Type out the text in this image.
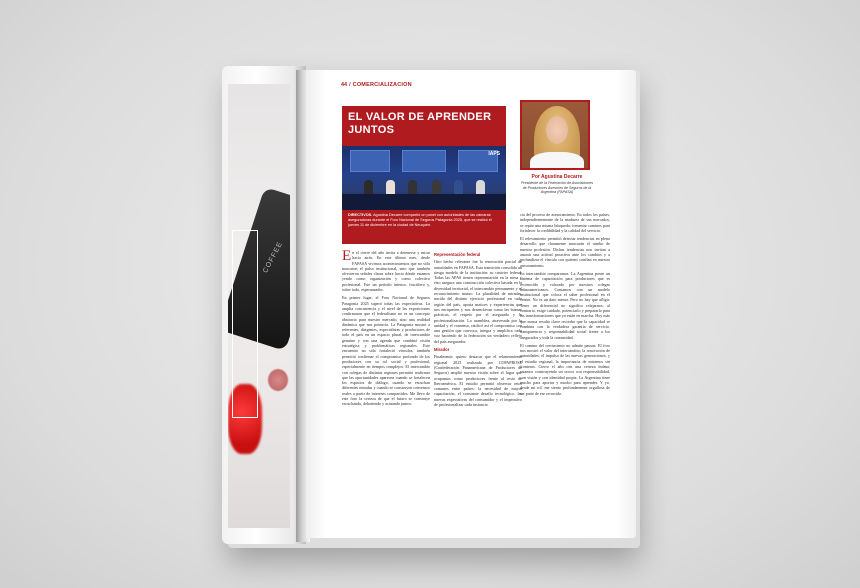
COFFEE
44 / COMERCIALIZACION
EL VALOR DE APRENDER
JUNTOS
IAPS
DIRECTIVOS. Agustina Decarre compartió un panel con autoridades de las cámaras aseguradoras durante el Foro Nacional de Seguros Patagonia 2025, que se realizó el jueves 11 de diciembre en la ciudad de Neuquén.
Por Agustina Decarre
Presidente de la Federación de Asociaciones de Productores Asesores de Seguros de la Argentina (FAPASA)

En el cierre del año invita a detenerse y mirar hacia atrás. En este último mes, desde FAPASA vivimos acontecimientos que no sólo marcaron el pulso institucional, sino que también ofrecieron señales claras sobre hacia dónde estamos yendo como organización y como colectivo profesional. Fue un período intenso, fructífero y, sobre todo, esperanzador.

En primer lugar, el Foro Nacional de Seguros Patagonia 2025 superó todas las expectativas. La amplia concurrencia y el nivel de las exposiciones confirmaron que el federalismo no es un concepto abstracto para nuestro mercado, sino una realidad dinámica que nos potencia. La Patagonia mostró a referentes, dirigentes, especialistas y productores de todo el país en un espacio plural, de intercambio genuino y con una agenda que combinó visión estratégica y problemáticas regionales. Este encuentro no sólo fortaleció vínculos, también permitió confirmar el compromiso profundo de los productores con su rol social y profesional, especialmente en tiempos complejos. El intercambio con colegas de distintas regiones permitió reafirmar que las oportunidades aparecen cuando se fortalecen los espacios de diálogo, cuando se escuchan diferentes miradas y cuando se construyen consensos reales a partir de intereses compartidos. Me llevo de este foro la certeza de que el futuro se construye escuchando, debatiendo y actuando juntos.

Representación federal

Otro hecho relevante fue la renovación parcial de autoridades en FAPASA. Esta transición consolida un riesgo modelo de la institución: su carácter federal. Todas las APAS tienen representación en la mesa y esto asegura una construcción colectiva basada en la diversidad territorial, el intercambio permanente y el reconocimiento mutuo. La pluralidad de miradas, nacida del distinto ejercicio profesional en cada región del país, aporta matices y experiencias que nos enriquecen y nos desenclavan como las buenas prácticas, el respeto por el asegurado y la profesionalización. Lo asamblea, atravesada por la unidad y el consenso, ratificó así el compromiso con una gestión que convoca, integra y amplifica cada voz haciendo de la federación un verdadero reflejo del país asegurador.

Mirador

Finalmente, quiero destacar que el relanzamiento regional 2025 realizado por COPAPROSE (Confederación Panamericana de Productores de Seguros) amplió nuestra visión sobre el lugar que ocupamos como productores frente al resto de Iberoamérica. El estudio permitió observar retos comunes entre países: la necesidad de mayor capacitación, el constante desafío tecnológico, las nuevas expectativas del consumidor y el imperativo de profesionalizar cada instancia

cia del proceso de asesoramiento. En todos los países, independientemente de la madurez de sus mercados, se repite una misma búsqueda: fomentar caminos para fortalecer la credibilidad y la calidad del servicio.

El relevamiento permitió detectar tendencias en pleno desarrollo que claramente marcarán el rumbo de nuestra profesión. Dichas tendencias nos invitan a asumir una actitud proactiva ante los cambios y a profundizar el vínculo con quienes confían en nuestro asesoramiento.

En intercambio comparamos. La Argentina posee un sistema de capacitación para productores que es reconocido y valorado por nuestros colegas latinoamericanos. Contamos con un modelo institucional que coloca el saber profesional en el centro. No es un dato menor. Pero no hay que afligir. Tener un diferencial no significa relajarnos; al contrario, exige cuidado, potenciarlo y prepararlo para las transformaciones que ya están en marcha. Hoy más que nunca resulta clave recordar que la capacidad se combina con la verdadera garantía de servicio, transparencia y responsabilidad social frente a los asegurados y toda la comunidad.

El camino del crecimiento no admite pausas. El foro nos mostró el valor del intercambio; la renovación de autoridades, el impulso de las nuevas generaciones; y el estudio regional, la importancia de mirarnos sin fronteras. Cierro el año con una certeza íntima: estamos construyendo un sector con responsabilidad, con visión y con identidad propia. La Argentina tiene mucho para aportar y mucho para aprender. Y yo, desde mi rol, me siento profundamente orgullosa de ser parte de ese recorrido.
